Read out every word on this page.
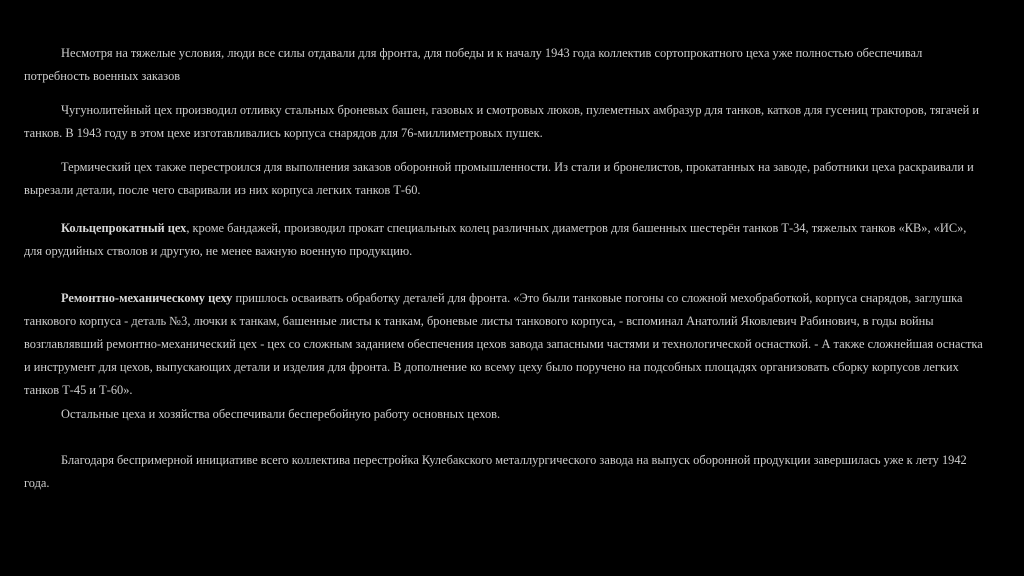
Несмотря на тяжелые условия, люди все силы отдавали для фронта, для победы и к началу 1943 года коллектив сортопрокатного цеха уже полностью обеспечивал потребность военных заказов

Чугунолитейный цех производил отливку стальных броневых башен, газовых и смотровых люков, пулеметных амбразур для танков, катков для гусениц тракторов, тягачей и танков. В 1943 году в этом цехе изготавливались корпуса снарядов для 76-миллиметровых пушек.

Термический цех также перестроился для выполнения заказов оборонной промышленности. Из стали и бронелистов, прокатанных на заводе, работники цеха раскраивали и вырезали детали, после чего сваривали из них корпуса легких танков Т-60.

Кольцепрокатный цех, кроме бандажей, производил прокат специальных колец различных диаметров для башенных шестерён танков Т-34, тяжелых танков «КВ», «ИС», для орудийных стволов и другую, не менее важную военную продукцию.

Ремонтно-механическому цеху пришлось осваивать обработку деталей для фронта. «Это были танковые погоны со сложной мехобработкой, корпуса снарядов, заглушка танкового корпуса - деталь №3, лючки к танкам, башенные листы к танкам, броневые листы танкового корпуса, - вспоминал Анатолий Яковлевич Рабинович, в годы войны возглавлявший ремонтно-механический цех - цех со сложным заданием обеспечения цехов завода запасными частями и технологической оснасткой. - А также сложнейшая оснастка и инструмент для цехов, выпускающих детали и изделия для фронта. В дополнение ко всему цеху было поручено на подсобных площадях организовать сборку корпусов легких танков Т-45 и Т-60».

Остальные цеха и хозяйства обеспечивали бесперебойную работу основных цехов.

Благодаря беспримерной инициативе всего коллектива перестройка Кулебакского металлургического завода на выпуск оборонной продукции завершилась уже к лету 1942 года.
